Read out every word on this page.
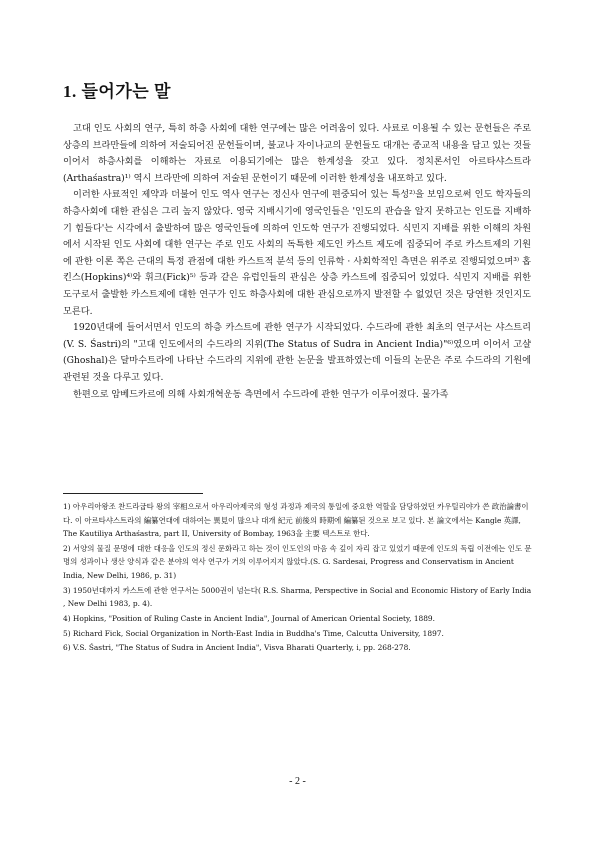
1. 들어가는 말

고대 인도 사회의 연구, 특히 하층 사회에 대한 연구에는 많은 어려움이 있다. 사료로 이용될 수 있는 문헌들은 주로 상층의 브라만들에 의하여 저술되어진 문헌들이며, 불교나 자이나교의 문헌들도 대개는 종교적 내용을 담고 있는 것들이어서 하층사회를 이해하는 자료로 이용되기에는 많은 한계성을 갖고 있다. 정치론서인 아르타샤스트라(Arthaśastra)¹⁾ 역시 브라만에 의하여 저술된 문헌이기 때문에 이러한 한계성을 내포하고 있다.

이러한 사료적인 제약과 더불어 인도 역사 연구는 정신사 연구에 편중되어 있는 특성²⁾을 보임으로써 인도 학자들의 하층사회에 대한 관심은 그리 높지 않았다. 영국 지배시기에 영국인들은 '인도의 관습을 알지 못하고는 인도를 지배하기 힘들다'는 시각에서 출발하여 많은 영국인들에 의하여 인도학 연구가 진행되었다. 식민지 지배를 위한 이해의 차원에서 시작된 인도 사회에 대한 연구는 주로 인도 사회의 독특한 제도인 카스트 제도에 집중되어 주로 카스트제의 기원에 관한 이론 쪽은 근대의 특정 관점에 대한 카스트적 분석 등의 인류학 · 사회학적인 측면은 위주로 진행되었으며³⁾ 홉킨스(Hopkins)⁴⁾와 휘크(Fick)⁵⁾ 등과 같은 유럽인들의 관심은 상층 카스트에 집중되어 있었다. 식민지 지배를 위한 도구로서 출발한 카스트제에 대한 연구가 인도 하층사회에 대한 관심으로까지 발전할 수 없었던 것은 당연한 것인지도 모른다.

1920년대에 들어서면서 인도의 하층 카스트에 관한 연구가 시작되었다. 수드라에 관한 최초의 연구서는 샤스트리(V. S. Śastri)의 "고대 인도에서의 수드라의 지위(The Status of Sudra in Ancient India)"⁶⁾였으며 이어서 고샬(Ghoshal)은 달마수트라에 나타난 수드라의 지위에 관한 논문을 발표하였는데 이들의 논문은 주로 수드라의 기원에 관련된 것을 다루고 있다.

한편으로 암베드카르에 의해 사회개혁운동 측면에서 수드라에 관한 연구가 이루어졌다. 물가족

1) 아우리아왕조 찬드라굽타 왕의 宰相으로서 아우리아제국의 형성 과정과 제국의 통일에 중요한 역할을 담당하였던 카우틸리야가 쓴 政治論書이다. 이 아르타샤스트라의 編纂연대에 대하여는 異見이 많으나 대개 紀元 前後의 時期에 編纂된 것으로 보고 있다. 본 論文에서는 Kangle 英譯, The Kautiliya Arthaśastra, part II, University of Bombay, 1963을 主要 텍스트로 한다.

2) 서양의 물질 문명에 대한 대응을 인도의 정신 문화라고 하는 것이 인도인의 마음 속 깊이 자리 잡고 있었기 때문에 인도의 독립 이전에는 인도 문명의 성과이나 생산 양식과 같은 분야의 역사 연구가 거의 이루어지지 않았다.(S. G. Sardesai, Progress and Conservatism in Ancient India, New Delhi, 1986, p. 31)

3) 1950년대까지 카스트에 관한 연구서는 5000권이 넘는다( R.S. Sharma, Perspective in Social and Economic History of Early India , New Delhi 1983, p. 4).

4) Hopkins, "Position of Ruling Caste in Ancient India", Journal of American Oriental Society, 1889.

5) Richard Fick, Social Organization in North-East India in Buddha's Time, Calcutta University, 1897.

6) V.S. Śastri, "The Status of Sudra in Ancient India", Visva Bharati Quarterly, i, pp. 268-278.

- 2 -
